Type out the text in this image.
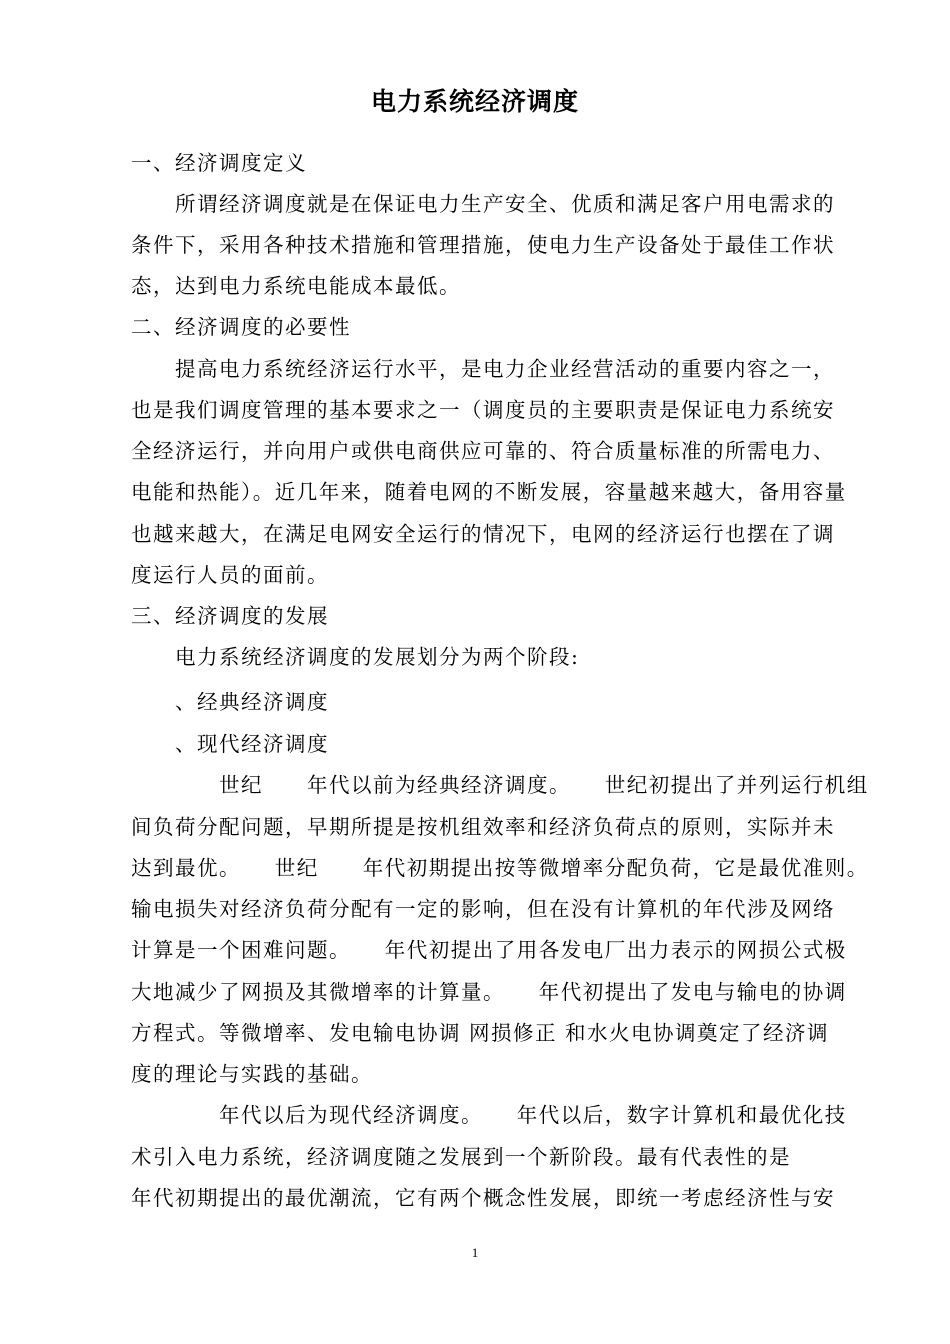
电力系统经济调度
一、经济调度定义
　　所谓经济调度就是在保证电力生产安全、优质和满足客户用电需求的
条件下，采用各种技术措施和管理措施，使电力生产设备处于最佳工作状
态，达到电力系统电能成本最低。
二、经济调度的必要性
　　提高电力系统经济运行水平，是电力企业经营活动的重要内容之一，
也是我们调度管理的基本要求之一（调度员的主要职责是保证电力系统安
全经济运行，并向用户或供电商供应可靠的、符合质量标准的所需电力、
电能和热能）。近几年来，随着电网的不断发展，容量越来越大，备用容量
也越来越大，在满足电网安全运行的情况下，电网的经济运行也摆在了调
度运行人员的面前。
三、经济调度的发展
　　电力系统经济调度的发展划分为两个阶段:
　　、经典经济调度
　　、现代经济调度
　　　　世纪　　年代以前为经典经济调度。　　世纪初提出了并列运行机组
间负荷分配问题，早期所提是按机组效率和经济负荷点的原则，实际并未
达到最优。　　世纪　　年代初期提出按等微增率分配负荷，它是最优准则。
输电损失对经济负荷分配有一定的影响，但在没有计算机的年代涉及网络
计算是一个困难问题。　　年代初提出了用各发电厂出力表示的网损公式极
大地减少了网损及其微增率的计算量。　　年代初提出了发电与输电的协调
方程式。等微增率、发电输电协调 网损修正 和水火电协调奠定了经济调
度的理论与实践的基础。
　　　　年代以后为现代经济调度。　　年代以后，数字计算机和最优化技
术引入电力系统，经济调度随之发展到一个新阶段。最有代表性的是
年代初期提出的最优潮流，它有两个概念性发展，即统一考虑经济性与安
1
